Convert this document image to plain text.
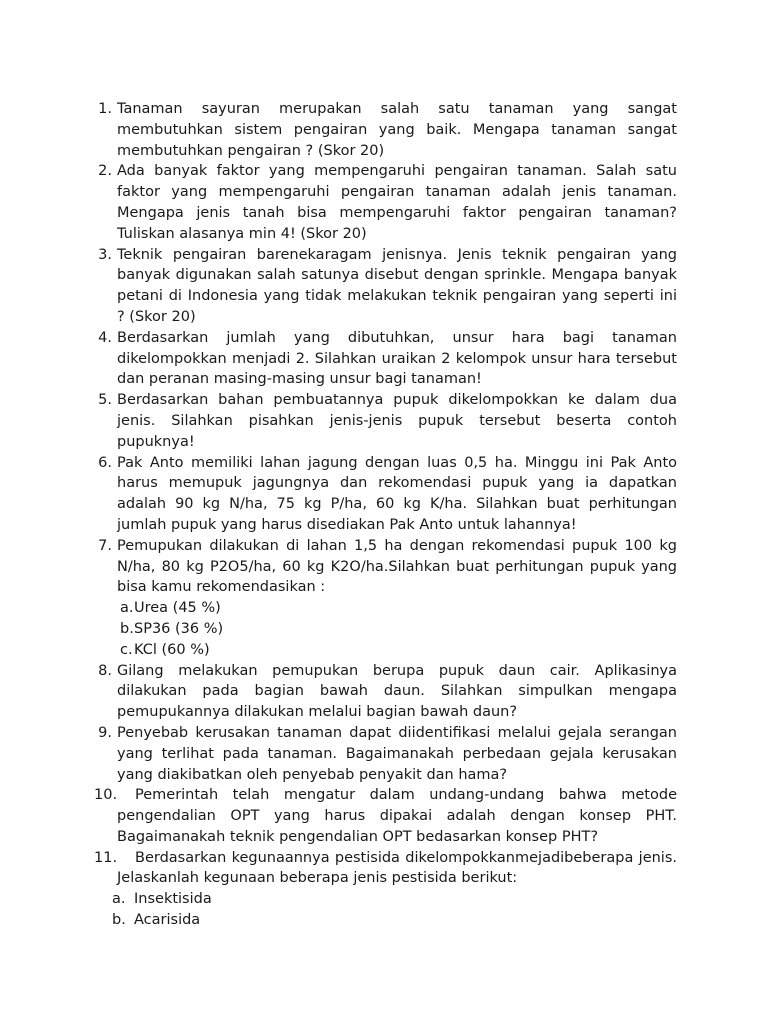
1. Tanaman sayuran merupakan salah satu tanaman yang sangat membutuhkan sistem pengairan yang baik. Mengapa tanaman sangat membutuhkan pengairan ? (Skor 20)
2. Ada banyak faktor yang mempengaruhi pengairan tanaman. Salah satu faktor yang mempengaruhi pengairan tanaman adalah jenis tanaman. Mengapa jenis tanah bisa mempengaruhi faktor pengairan tanaman? Tuliskan alasanya min 4! (Skor 20)
3. Teknik pengairan barenekaragam jenisnya. Jenis teknik pengairan yang banyak digunakan salah satunya disebut dengan sprinkle. Mengapa banyak petani di Indonesia yang tidak melakukan teknik pengairan yang seperti ini ? (Skor 20)
4. Berdasarkan jumlah yang dibutuhkan, unsur hara bagi tanaman dikelompokkan menjadi 2. Silahkan uraikan 2 kelompok unsur hara tersebut dan peranan masing-masing unsur bagi tanaman!
5. Berdasarkan bahan pembuatannya pupuk dikelompokkan ke dalam dua jenis. Silahkan pisahkan jenis-jenis pupuk tersebut beserta contoh pupuknya!
6. Pak Anto memiliki lahan jagung dengan luas 0,5 ha. Minggu ini Pak Anto harus memupuk jagungnya dan rekomendasi pupuk yang ia dapatkan adalah 90 kg N/ha, 75 kg P/ha, 60 kg K/ha. Silahkan buat perhitungan jumlah pupuk yang harus disediakan Pak Anto untuk lahannya!
7. Pemupukan dilakukan di lahan 1,5 ha dengan rekomendasi pupuk 100 kg N/ha, 80 kg P2O5/ha, 60 kg K2O/ha.Silahkan buat perhitungan pupuk yang bisa kamu rekomendasikan :
a. Urea (45 %)
b. SP36 (36 %)
c. KCl (60 %)
8. Gilang melakukan pemupukan berupa pupuk daun cair. Aplikasinya dilakukan pada bagian bawah daun. Silahkan simpulkan mengapa pemupukannya dilakukan melalui bagian bawah daun?
9. Penyebab kerusakan tanaman dapat diidentifikasi melalui gejala serangan yang terlihat pada tanaman. Bagaimanakah perbedaan gejala kerusakan yang diakibatkan oleh penyebab penyakit dan hama?
10.	Pemerintah telah mengatur dalam undang-undang bahwa metode pengendalian OPT yang harus dipakai adalah dengan konsep PHT. Bagaimanakah teknik pengendalian OPT bedasarkan konsep PHT?
11.	Berdasarkan kegunaannya pestisida dikelompokkanmejadibeberapa jenis. Jelaskanlah kegunaan beberapa jenis pestisida berikut:
a. Insektisida
b. Acarisida
